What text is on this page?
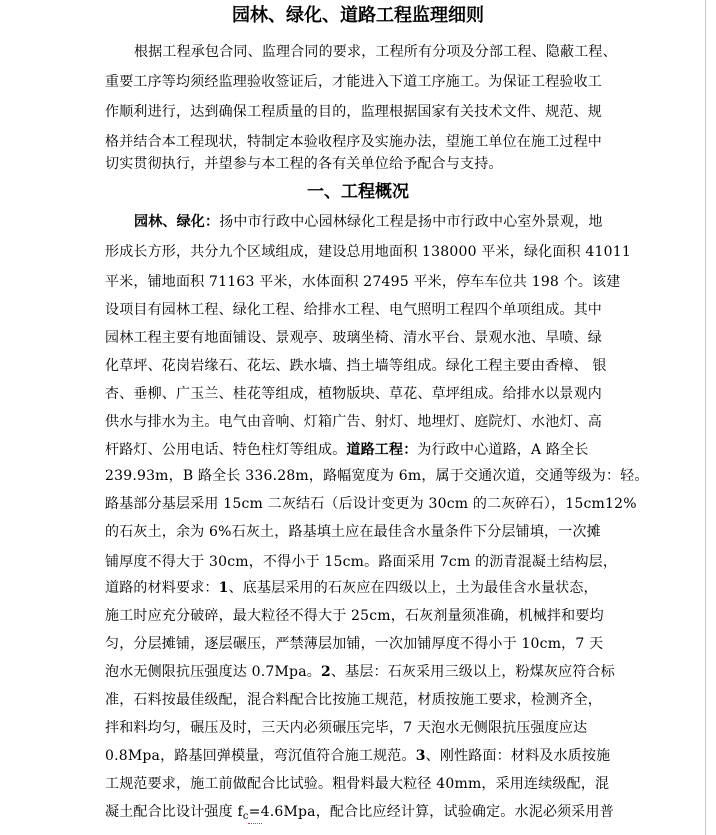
园林、绿化、道路工程监理细则
根据工程承包合同、监理合同的要求，工程所有分项及分部工程、隐蔽工程、
重要工序等均须经监理验收签证后，才能进入下道工序施工。为保证工程验收工
作顺利进行，达到确保工程质量的目的，监理根据国家有关技术文件、规范、规
格并结合本工程现状，特制定本验收程序及实施办法，望施工单位在施工过程中
切实贯彻执行，并望参与本工程的各有关单位给予配合与支持。
一、工程概况
园林、绿化：扬中市行政中心园林绿化工程是扬中市行政中心室外景观，地
形成长方形，共分九个区域组成，建设总用地面积 138000 平米，绿化面积 41011
平米，铺地面积 71163 平米，水体面积 27495 平米，停车车位共 198 个。该建
设项目有园林工程、绿化工程、给排水工程、电气照明工程四个单项组成。其中
园林工程主要有地面铺设、景观亭、玻璃坐椅、清水平台、景观水池、旱喷、绿
化草坪、花岗岩缘石、花坛、跌水墙、挡土墙等组成。绿化工程主要由香樟、 银
杏、垂柳、广玉兰、桂花等组成，植物版块、草花、草坪组成。给排水以景观内
供水与排水为主。电气由音响、灯箱广告、射灯、地埋灯、庭院灯、水池灯、高
杆路灯、公用电话、特色柱灯等组成。道路工程：为行政中心道路，A 路全长
239.93m，B 路全长 336.28m，路幅宽度为 6m，属于交通次道，交通等级为：轻。
路基部分基层采用 15cm 二灰结石（后设计变更为 30cm 的二灰碎石），15cm12%
的石灰土，余为 6%石灰土，路基填土应在最佳含水量条件下分层铺填，一次摊
铺厚度不得大于 30cm，不得小于 15cm。路面采用 7cm 的沥青混凝土结构层，
道路的材料要求：1、底基层采用的石灰应在四级以上，土为最佳含水量状态，
施工时应充分破碎，最大粒径不得大于 25cm，石灰剂量须准确，机械拌和要均
匀，分层摊铺，逐层碾压，严禁薄层加铺，一次加铺厚度不得小于 10cm，7 天
泡水无侧限抗压强度达 0.7Mpa。2、基层：石灰采用三级以上，粉煤灰应符合标
准，石料按最佳级配，混合料配合比按施工规范，材质按施工要求，检测齐全，
拌和料均匀，碾压及时，三天内必须碾压完毕，7 天泡水无侧限抗压强度应达
0.8Mpa，路基回弹模量，弯沉值符合施工规范。3、刚性路面：材料及水质按施
工规范要求，施工前做配合比试验。粗骨料最大粒径 40mm，采用连续级配，混
凝土配合比设计强度 $f_c=4.6Mpa$，配合比应经计算，试验确定。水泥必须采用普
